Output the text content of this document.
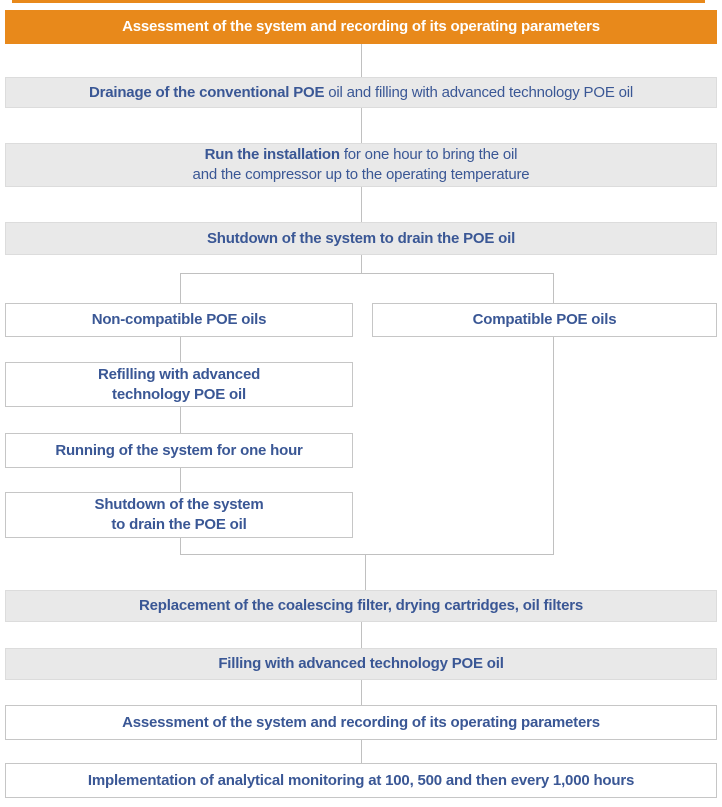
Assessment of the system and recording of its operating parameters
Drainage of the conventional POE oil and filling with advanced technology POE oil
Run the installation for one hour to bring the oil
and the compressor up to the operating temperature
Shutdown of the system to drain the POE oil
Non-compatible POE oils	Compatible POE oils
Refilling with advanced
technology POE oil
Running of the system for one hour
Shutdown of the system
to drain the POE oil
Replacement of the coalescing filter, drying cartridges, oil filters
Filling with advanced technology POE oil
Assessment of the system and recording of its operating parameters
Implementation of analytical monitoring at 100, 500 and then every 1,000 hours
